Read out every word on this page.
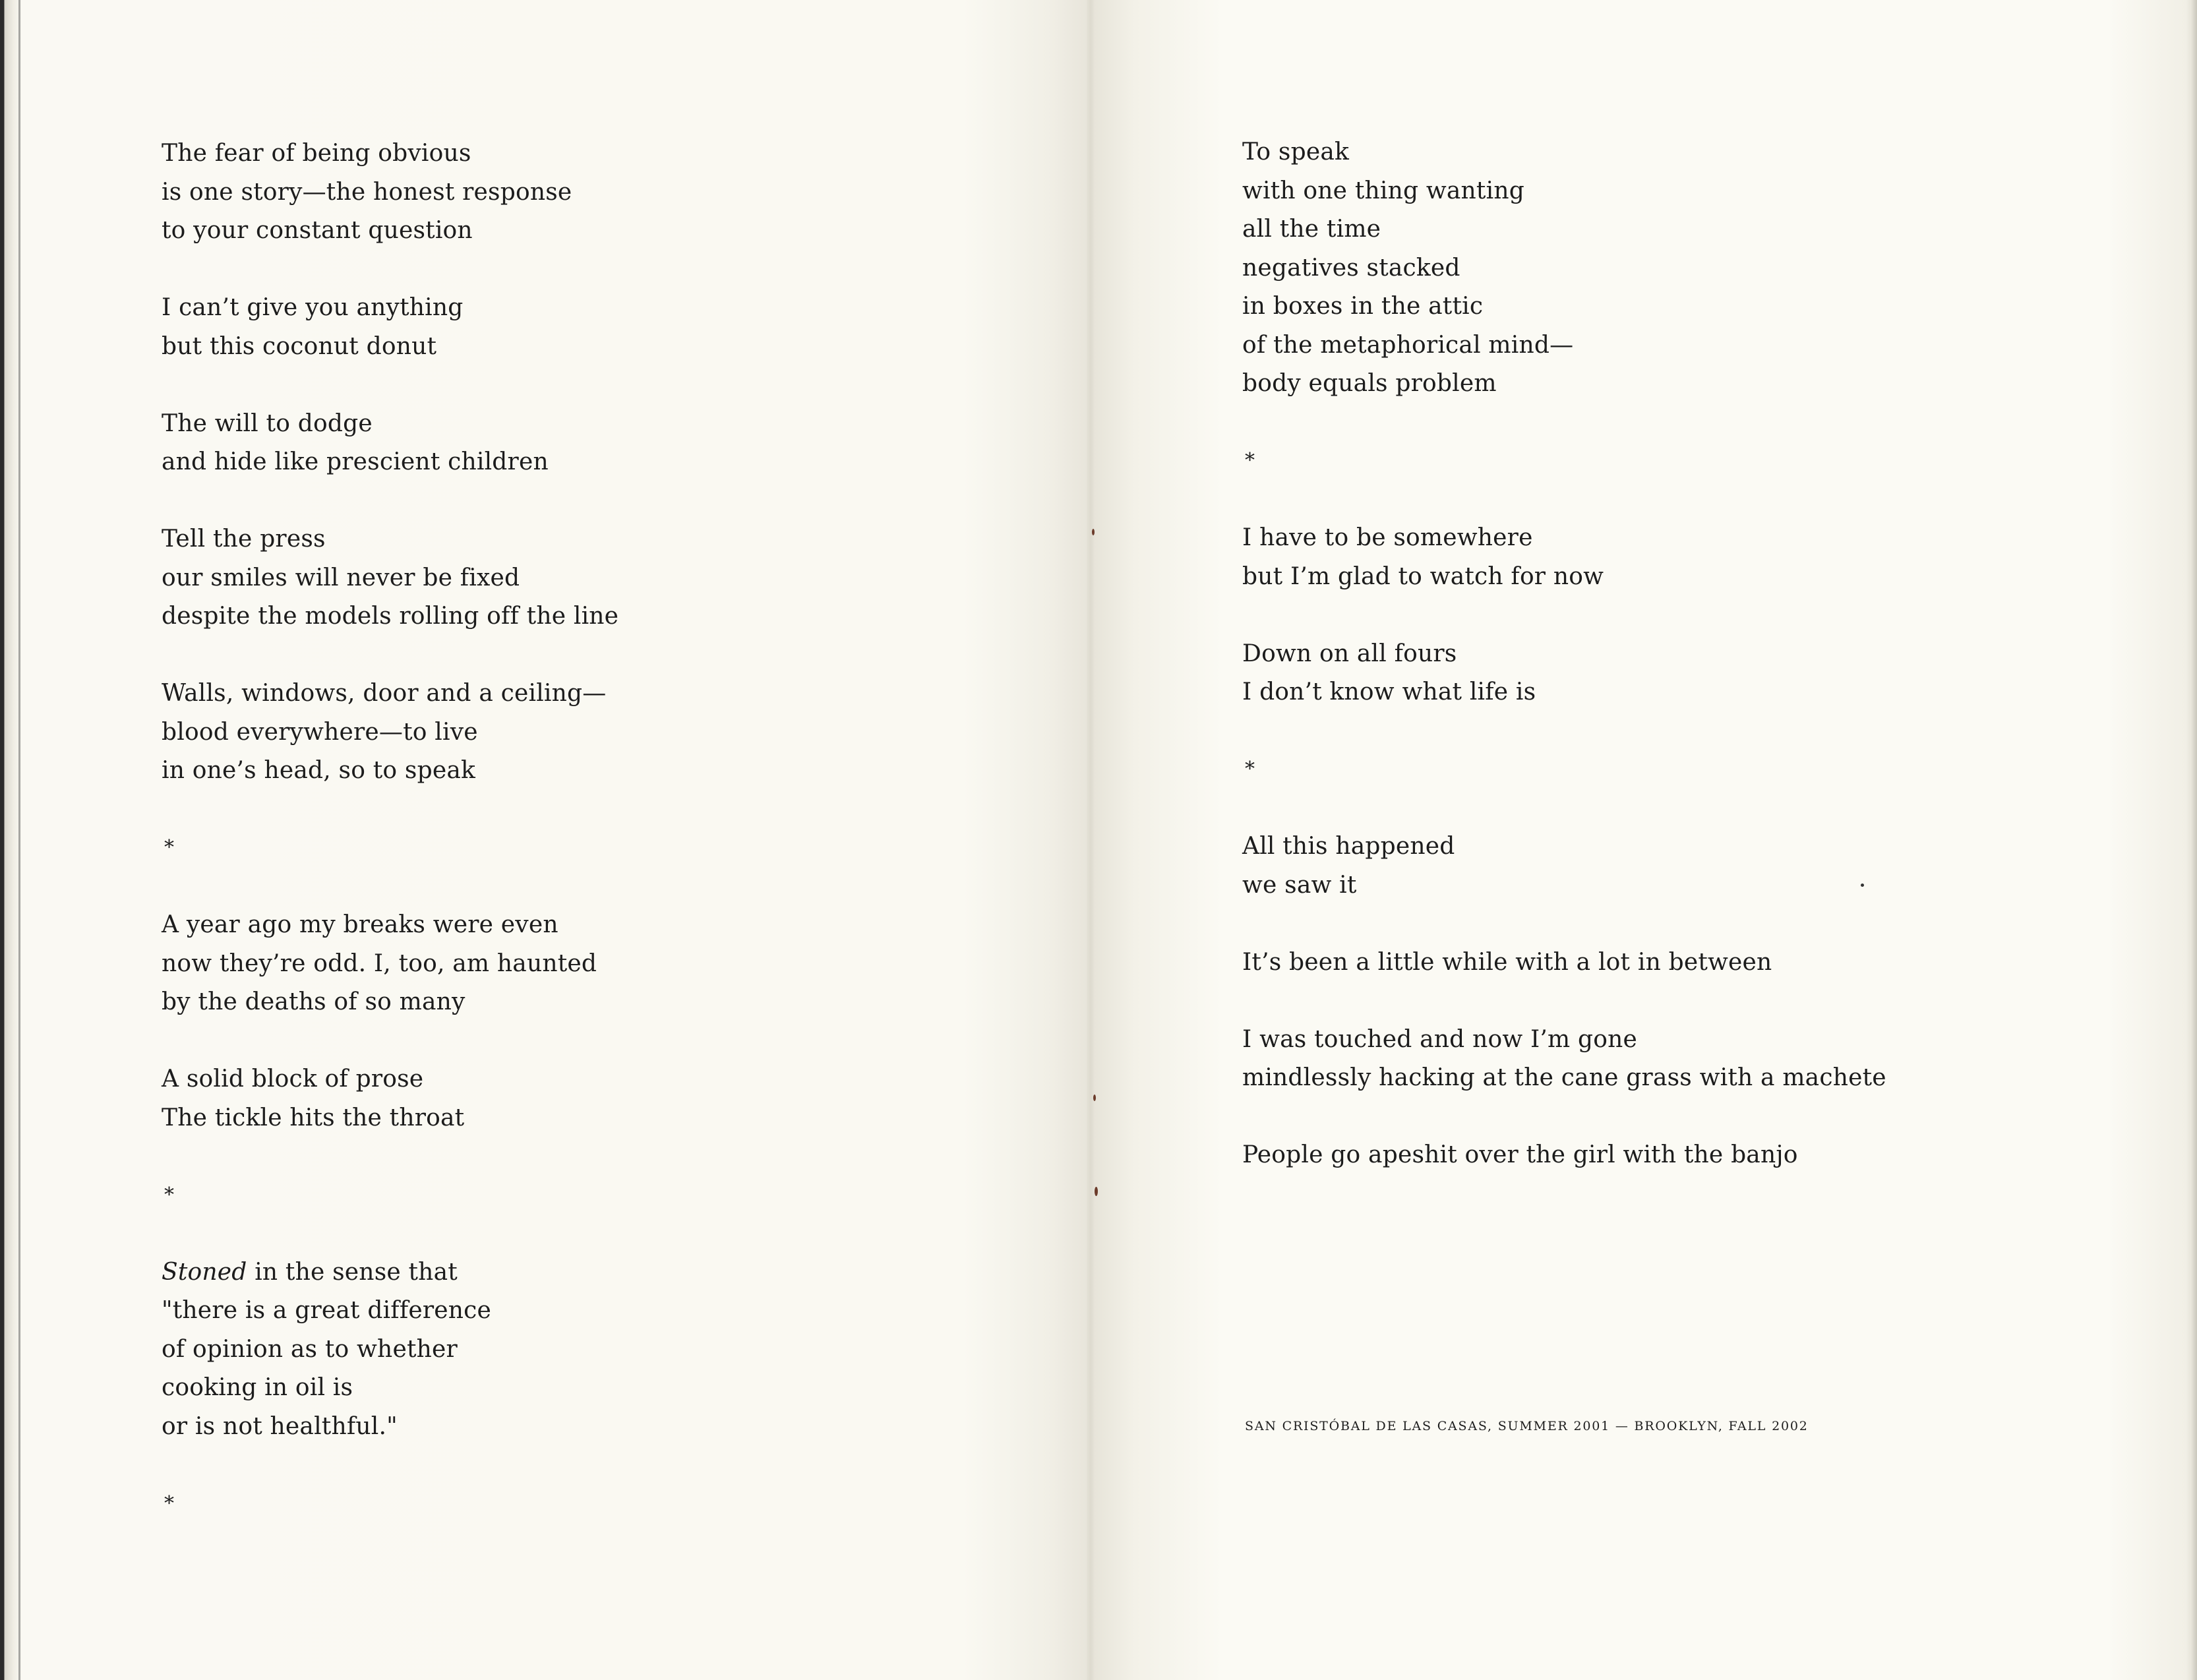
The fear of being obvious
is one story—the honest response
to your constant question
I can’t give you anything
but this coconut donut
The will to dodge
and hide like prescient children
Tell the press
our smiles will never be fixed
despite the models rolling off the line
Walls, windows, door and a ceiling—
blood everywhere—to live
in one’s head, so to speak
*
A year ago my breaks were even
now they’re odd. I, too, am haunted
by the deaths of so many
A solid block of prose
The tickle hits the throat
*
Stoned in the sense that
"there is a great difference
of opinion as to whether
cooking in oil is
or is not healthful."
*
To speak
with one thing wanting
all the time
negatives stacked
in boxes in the attic
of the metaphorical mind—
body equals problem
*
I have to be somewhere
but I’m glad to watch for now
Down on all fours
I don’t know what life is
*
All this happened
we saw it
It’s been a little while with a lot in between
I was touched and now I’m gone
mindlessly hacking at the cane grass with a machete
People go apeshit over the girl with the banjo
SAN CRISTÓBAL DE LAS CASAS, SUMMER 2001 — BROOKLYN, FALL 2002
